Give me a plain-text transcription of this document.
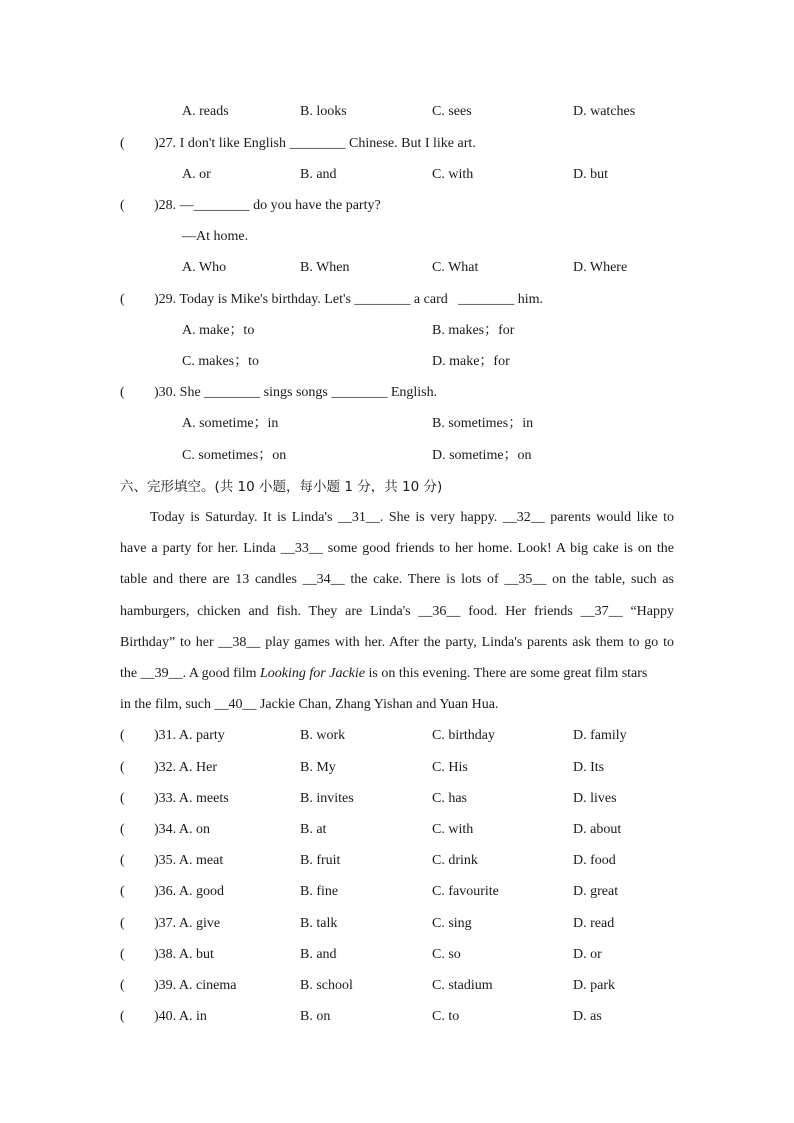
A. reads	B. looks	C. sees	D. watches
( )27. I don't like English ________ Chinese. But I like art.
A. or	B. and	C. with	D. but
( )28. —________ do you have the party?
—At home.
A. Who	B. When	C. What	D. Where
( )29. Today is Mike's birthday. Let's ________ a card   ________ him.
A. make；to	B. makes；for
C. makes；to	D. make；for
( )30. She ________ sings songs ________ English.
A. sometime；in	B. sometimes；in
C. sometimes；on	D. sometime；on
六、完形填空。(共 10 小题，每小题 1 分，共 10 分)
Today is Saturday. It is Linda's __31__. She is very happy. __32__ parents would like to
have a party for her. Linda __33__ some good friends to her home. Look! A big cake is on the
table and there are 13 candles __34__ the cake. There is lots of __35__ on the table, such as
hamburgers, chicken and fish. They are Linda's __36__ food. Her friends __37__ “Happy
Birthday” to her __38__ play games with her. After the party, Linda's parents ask them to go to
the __39__. A good film Looking for Jackie is on this evening. There are some great film stars
in the film, such __40__ Jackie Chan, Zhang Yishan and Yuan Hua.
( )31. A. party	B. work	C. birthday	D. family
( )32. A. Her	B. My	C. His	D. Its
( )33. A. meets	B. invites	C. has	D. lives
( )34. A. on	B. at	C. with	D. about
( )35. A. meat	B. fruit	C. drink	D. food
( )36. A. good	B. fine	C. favourite	D. great
( )37. A. give	B. talk	C. sing	D. read
( )38. A. but	B. and	C. so	D. or
( )39. A. cinema	B. school	C. stadium	D. park
( )40. A. in	B. on	C. to	D. as
